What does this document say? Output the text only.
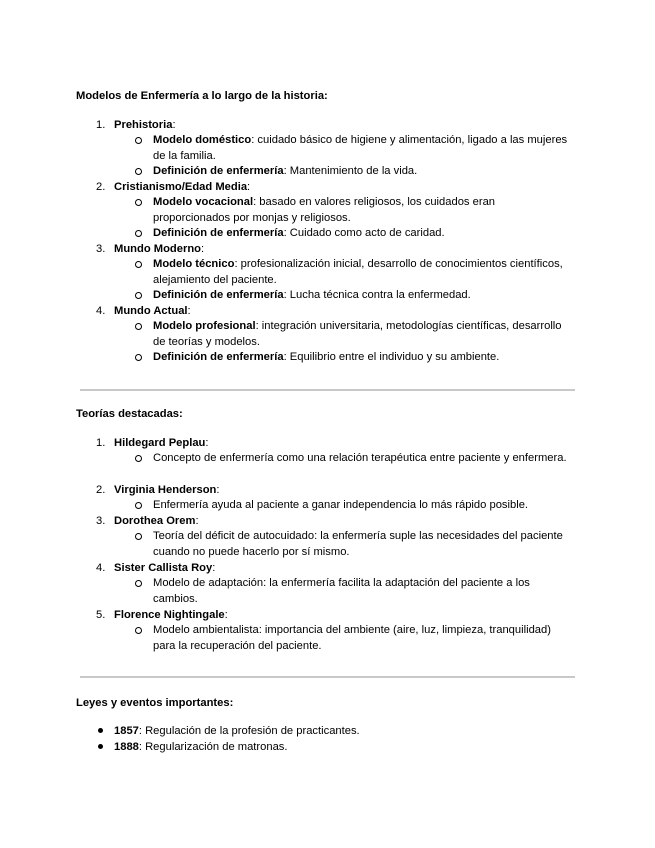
Modelos de Enfermería a lo largo de la historia:
1. Prehistoria:
Modelo doméstico: cuidado básico de higiene y alimentación, ligado a las mujeres de la familia.
Definición de enfermería: Mantenimiento de la vida.
2. Cristianismo/Edad Media:
Modelo vocacional: basado en valores religiosos, los cuidados eran proporcionados por monjas y religiosos.
Definición de enfermería: Cuidado como acto de caridad.
3. Mundo Moderno:
Modelo técnico: profesionalización inicial, desarrollo de conocimientos científicos, alejamiento del paciente.
Definición de enfermería: Lucha técnica contra la enfermedad.
4. Mundo Actual:
Modelo profesional: integración universitaria, metodologías científicas, desarrollo de teorías y modelos.
Definición de enfermería: Equilibrio entre el individuo y su ambiente.
Teorías destacadas:
1. Hildegard Peplau:
Concepto de enfermería como una relación terapéutica entre paciente y enfermera.
2. Virginia Henderson:
Enfermería ayuda al paciente a ganar independencia lo más rápido posible.
3. Dorothea Orem:
Teoría del déficit de autocuidado: la enfermería suple las necesidades del paciente cuando no puede hacerlo por sí mismo.
4. Sister Callista Roy:
Modelo de adaptación: la enfermería facilita la adaptación del paciente a los cambios.
5. Florence Nightingale:
Modelo ambientalista: importancia del ambiente (aire, luz, limpieza, tranquilidad) para la recuperación del paciente.
Leyes y eventos importantes:
1857: Regulación de la profesión de practicantes.
1888: Regularización de matronas.
